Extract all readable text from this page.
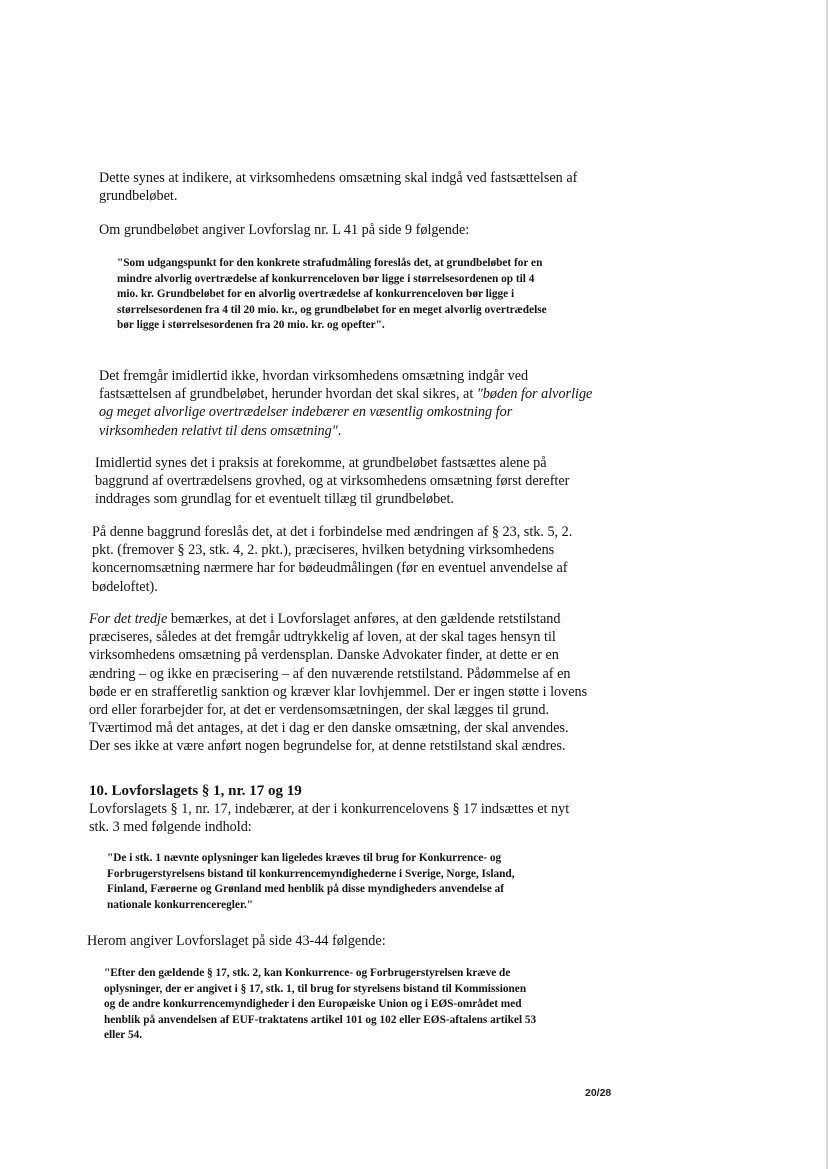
Dette synes at indikere, at virksomhedens omsætning skal indgå ved fastsættelsen af grundbeløbet.

Om grundbeløbet angiver Lovforslag nr. L 41 på side 9 følgende:

"Som udgangspunkt for den konkrete strafudmåling foreslås det, at grundbeløbet for en mindre alvorlig overtrædelse af konkurrenceloven bør ligge i størrelsesordenen op til 4 mio. kr. Grundbeløbet for en alvorlig overtrædelse af konkurrenceloven bør ligge i størrelsesordenen fra 4 til 20 mio. kr., og grundbeløbet for en meget alvorlig overtrædelse bør ligge i størrelsesordenen fra 20 mio. kr. og opefter".

Det fremgår imidlertid ikke, hvordan virksomhedens omsætning indgår ved fastsættelsen af grundbeløbet, herunder hvordan det skal sikres, at "bøden for alvorlige og meget alvorlige overtrædelser indebærer en væsentlig omkostning for virksomheden relativt til dens omsætning".

Imidlertid synes det i praksis at forekomme, at grundbeløbet fastsættes alene på baggrund af overtrædelsens grovhed, og at virksomhedens omsætning først derefter inddrages som grundlag for et eventuelt tillæg til grundbeløbet.

På denne baggrund foreslås det, at det i forbindelse med ændringen af § 23, stk. 5, 2. pkt. (fremover § 23, stk. 4, 2. pkt.), præciseres, hvilken betydning virksomhedens koncernomsætning nærmere har for bødeudmålingen (før en eventuel anvendelse af bødeloftet).

For det tredje bemærkes, at det i Lovforslaget anføres, at den gældende retstilstand præciseres, således at det fremgår udtrykkelig af loven, at der skal tages hensyn til virksomhedens omsætning på verdensplan. Danske Advokater finder, at dette er en ændring – og ikke en præcisering – af den nuværende retstilstand. Pådømmelse af en bøde er en strafferetlig sanktion og kræver klar lovhjemmel. Der er ingen støtte i lovens ord eller forarbejder for, at det er verdensomsætningen, der skal lægges til grund. Tværtimod må det antages, at det i dag er den danske omsætning, der skal anvendes. Der ses ikke at være anført nogen begrundelse for, at denne retstilstand skal ændres.

10. Lovforslagets § 1, nr. 17 og 19

Lovforslagets § 1, nr. 17, indebærer, at der i konkurrencelovens § 17 indsættes et nyt stk. 3 med følgende indhold:

"De i stk. 1 nævnte oplysninger kan ligeledes kræves til brug for Konkurrence- og Forbrugerstyrelsens bistand til konkurrencemyndighederne i Sverige, Norge, Island, Finland, Færøerne og Grønland med henblik på disse myndigheders anvendelse af nationale konkurrenceregler."

Herom angiver Lovforslaget på side 43-44 følgende:

"Efter den gældende § 17, stk. 2, kan Konkurrence- og Forbrugerstyrelsen kræve de oplysninger, der er angivet i § 17, stk. 1, til brug for styrelsens bistand til Kommissionen og de andre konkurrencemyndigheder i den Europæiske Union og i EØS-området med henblik på anvendelsen af EUF-traktatens artikel 101 og 102 eller EØS-aftalens artikel 53 eller 54.

20/28
